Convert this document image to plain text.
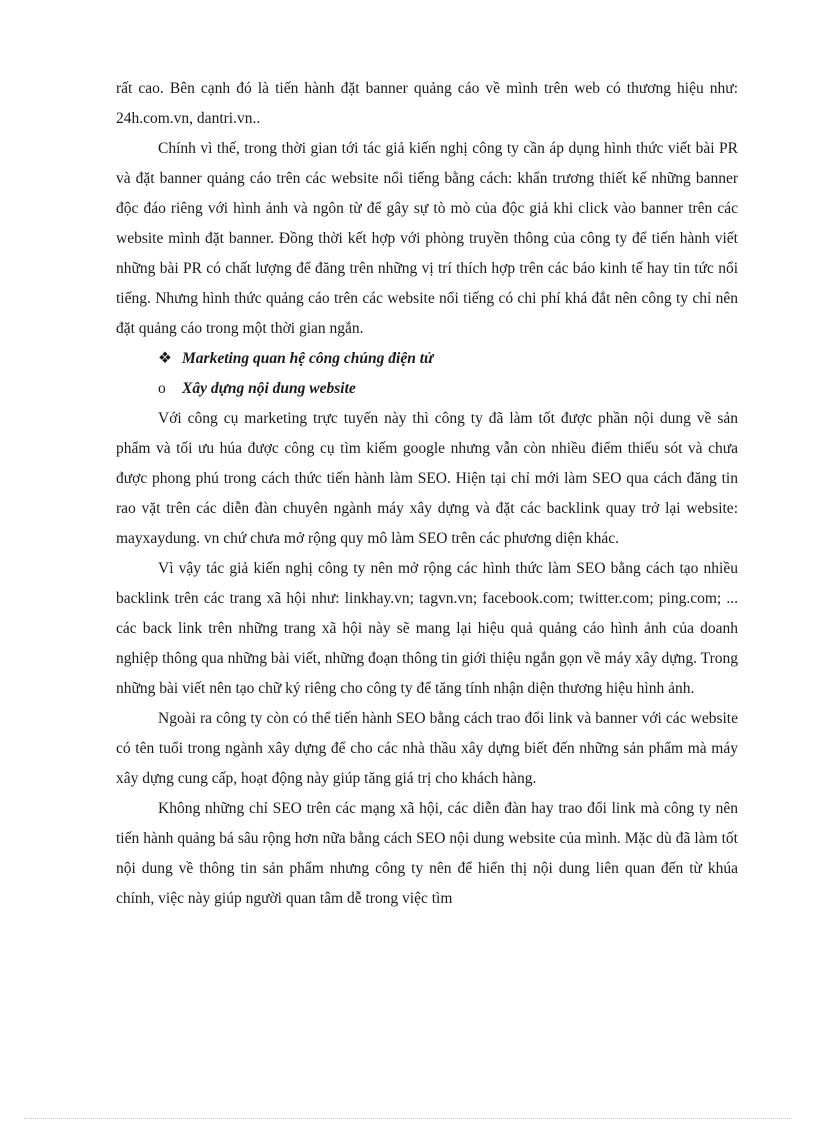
rất cao. Bên cạnh đó là tiến hành đặt banner quảng cáo về mình trên web có thương hiệu như: 24h.com.vn, dantri.vn..

Chính vì thế, trong thời gian tới tác giả kiến nghị công ty cần áp dụng hình thức viết bài PR và đặt banner quảng cáo trên các website nổi tiếng bằng cách: khẩn trương thiết kế những banner độc đáo riêng với hình ảnh và ngôn từ để gây sự tò mò của độc giả khi click vào banner trên các website mình đặt banner. Đồng thời kết hợp với phòng truyền thông của công ty để tiến hành viết những bài PR có chất lượng để đăng trên những vị trí thích hợp trên các báo kinh tế hay tin tức nổi tiếng. Nhưng hình thức quảng cáo trên các website nổi tiếng có chi phí khá đắt nên công ty chỉ nên đặt quảng cáo trong một thời gian ngắn.

❖ Marketing quan hệ công chúng điện tử
o	Xây dựng nội dung website

Với công cụ marketing trực tuyến này thì công ty đã làm tốt được phần nội dung về sản phẩm và tối ưu húa được công cụ tìm kiếm google nhưng vẫn còn nhiều điểm thiếu sót và chưa được phong phú trong cách thức tiến hành làm SEO. Hiện tại chỉ mới làm SEO qua cách đăng tin rao vặt trên các diễn đàn chuyên ngành máy xây dựng và đặt các backlink quay trở lại website: mayxaydung. vn chứ chưa mở rộng quy mô làm SEO trên các phương diện khác.

Vì vậy tác giả kiến nghị công ty nên mở rộng các hình thức làm SEO bằng cách tạo nhiều backlink trên các trang xã hội như: linkhay.vn; tagvn.vn; facebook.com; twitter.com; ping.com; ... các back link trên những trang xã hội này sẽ mang lại hiệu quả quảng cáo hình ảnh của doanh nghiệp thông qua những bài viết, những đoạn thông tin giới thiệu ngắn gọn về máy xây dựng. Trong những bài viết nên tạo chữ ký riêng cho công ty để tăng tính nhận diện thương hiệu hình ảnh.

Ngoài ra công ty còn có thể tiến hành SEO bằng cách trao đổi link và banner với các website có tên tuổi trong ngành xây dựng để cho các nhà thầu xây dựng biết đến những sản phẩm mà máy xây dựng cung cấp, hoạt động này giúp tăng giá trị cho khách hàng.

Không những chỉ SEO trên các mạng xã hội, các diễn đàn hay trao đổi link mà công ty nên tiến hành quảng bá sâu rộng hơn nữa bằng cách SEO nội dung website của mình. Mặc dù đã làm tốt nội dung về thông tin sản phẩm nhưng công ty nên để hiển thị nội dung liên quan đến từ khúa chính, việc này giúp người quan tâm dễ trong việc tìm
